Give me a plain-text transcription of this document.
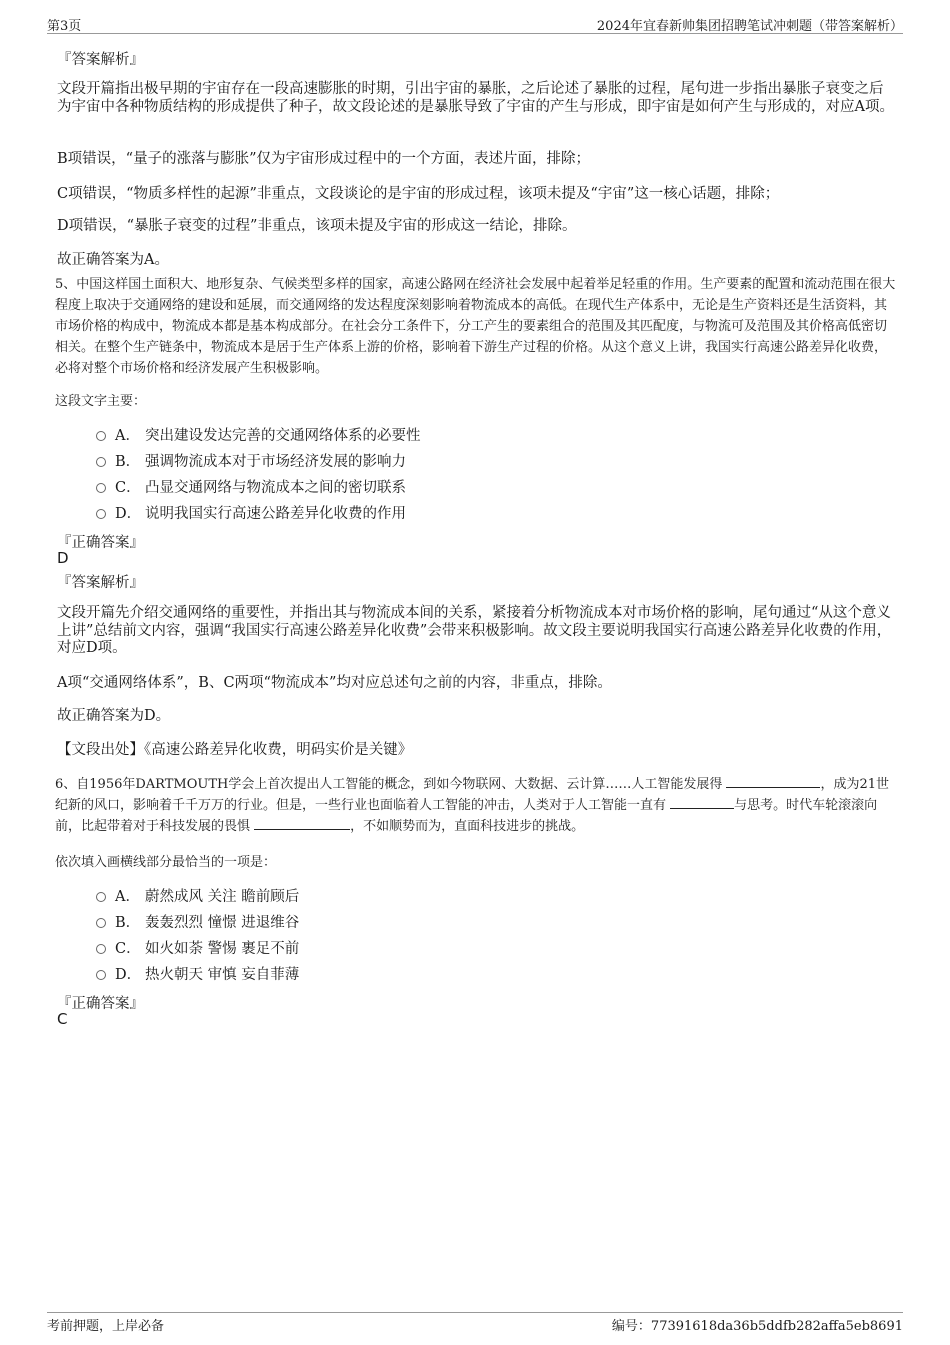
第3页	2024年宜春新帅集团招聘笔试冲刺题（带答案解析）
『答案解析』
文段开篇指出极早期的宇宙存在一段高速膨胀的时期，引出宇宙的暴胀，之后论述了暴胀的过程，尾句进一步指出暴胀子衰变之后为宇宙中各种物质结构的形成提供了种子，故文段论述的是暴胀导致了宇宙的产生与形成，即宇宙是如何产生与形成的，对应A项。
B项错误，“量子的涨落与膨胀”仅为宇宙形成过程中的一个方面，表述片面，排除；
C项错误，“物质多样性的起源”非重点，文段谈论的是宇宙的形成过程，该项未提及“宇宙”这一核心话题，排除；
D项错误，“暴胀子衰变的过程”非重点，该项未提及宇宙的形成这一结论，排除。
故正确答案为A。
5、中国这样国土面积大、地形复杂、气候类型多样的国家，高速公路网在经济社会发展中起着举足轻重的作用。生产要素的配置和流动范围在很大程度上取决于交通网络的建设和延展，而交通网络的发达程度深刻影响着物流成本的高低。在现代生产体系中，无论是生产资料还是生活资料，其市场价格的构成中，物流成本都是基本构成部分。在社会分工条件下，分工产生的要素组合的范围及其匹配度，与物流可及范围及其价格高低密切相关。在整个生产链条中，物流成本是居于生产体系上游的价格，影响着下游生产过程的价格。从这个意义上讲，我国实行高速公路差异化收费，必将对整个市场价格和经济发展产生积极影响。
这段文字主要：
A． 突出建设发达完善的交通网络体系的必要性
B． 强调物流成本对于市场经济发展的影响力
C． 凸显交通网络与物流成本之间的密切联系
D． 说明我国实行高速公路差异化收费的作用
『正确答案』
D
『答案解析』
文段开篇先介绍交通网络的重要性，并指出其与物流成本间的关系，紧接着分析物流成本对市场价格的影响，尾句通过“从这个意义上讲”总结前文内容，强调“我国实行高速公路差异化收费”会带来积极影响。故文段主要说明我国实行高速公路差异化收费的作用，对应D项。
A项“交通网络体系”，B、C两项“物流成本”均对应总述句之前的内容，非重点，排除。
故正确答案为D。
【文段出处】《高速公路差异化收费，明码实价是关键》
6、自1956年DARTMOUTH学会上首次提出人工智能的概念，到如今物联网、大数据、云计算……人工智能发展得	，成为21世纪新的风口，影响着千千万万的行业。但是，一些行业也面临着人工智能的冲击，人类对于人工智能一直有	与思考。时代车轮滚滚向前，比起带着对于科技发展的畏惧	，不如顺势而为，直面科技进步的挑战。
依次填入画横线部分最恰当的一项是：
A． 蔚然成风 关注 瞻前顾后
B． 轰轰烈烈 憧憬 进退维谷
C． 如火如荼 警惕 裹足不前
D． 热火朝天 审慎 妄自菲薄
『正确答案』
C
考前押题，上岸必备	编号：77391618da36b5ddfb282affa5eb8691
